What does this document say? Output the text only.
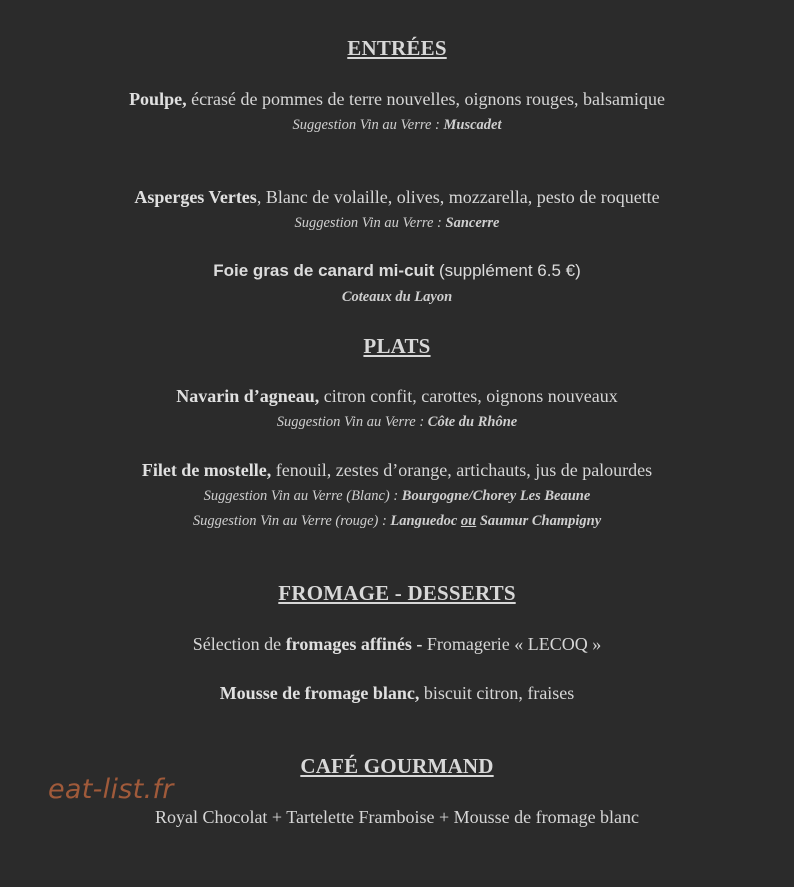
ENTRÉES
Poulpe, écrasé de pommes de terre nouvelles, oignons rouges, balsamique
Suggestion Vin au Verre : Muscadet
Asperges Vertes, Blanc de volaille, olives, mozzarella, pesto de roquette
Suggestion Vin au Verre : Sancerre
Foie gras de canard mi-cuit (supplément 6.5 €)
Coteaux du Layon
PLATS
Navarin d’agneau, citron confit, carottes, oignons nouveaux
Suggestion Vin au Verre : Côte du Rhône
Filet de mostelle, fenouil, zestes d’orange, artichauts, jus de palourdes
Suggestion Vin au Verre (Blanc) : Bourgogne/Chorey Les Beaune
Suggestion Vin au Verre (rouge) : Languedoc ou Saumur Champigny
FROMAGE - DESSERTS
Sélection de fromages affinés - Fromagerie « LECOQ »
Mousse de fromage blanc, biscuit citron, fraises
CAFÉ GOURMAND
Royal Chocolat + Tartelette Framboise + Mousse de fromage blanc
eat-list.fr
